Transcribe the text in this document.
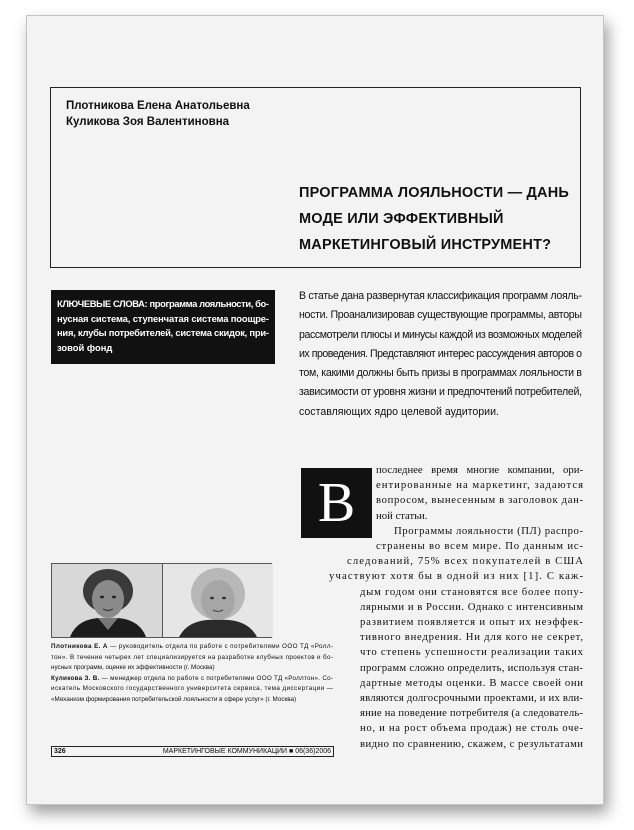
Плотникова Елена Анатольевна
Куликова Зоя Валентиновна
ПРОГРАММА ЛОЯЛЬНОСТИ — ДАНЬ
МОДЕ ИЛИ ЭФФЕКТИВНЫЙ
МАРКЕТИНГОВЫЙ ИНСТРУМЕНТ?
КЛЮЧЕВЫЕ СЛОВА: программа лояльности, бо-
нусная система, ступенчатая система поощре-
ния, клубы потребителей, система скидок, при-
зовой фонд
В статье дана развернутая классификация программ лояль-
ности. Проанализировав существующие программы, авторы
рассмотрели плюсы и минусы каждой из возможных моделей
их проведения. Представляют интерес рассуждения авторов о
том, какими должны быть призы в программах лояльности в
зависимости от уровня жизни и предпочтений потребителей,
составляющих ядро целевой аудитории.
В
последнее время многие компании, ори-
ентированные на маркетинг, задаются
вопросом, вынесенным в заголовок дан-
ной статьи.
Программы лояльности (ПЛ) распро-
странены во всем мире. По данным ис-
следований, 75% всех покупателей в США
участвуют хотя бы в одной из них [1]. С каж-
дым годом они становятся все более попу-
лярными и в России. Однако с интенсивным
развитием появляется и опыт их неэффек-
тивного внедрения. Ни для кого не секрет,
что степень успешности реализации таких
программ сложно определить, используя стан-
дартные методы оценки. В массе своей они
являются долгосрочными проектами, и их вли-
яние на поведение потребителя (а следователь-
но, и на рост объема продаж) не столь оче-
видно по сравнению, скажем, с результатами
Плотникова Е. А — руководитель отдела по работе с потребителями ООО ТД «Ролл-
тон». В течение четырех лет специализируется на разработке клубных проектов и бо-
нусных программ, оценке их эффективности (г. Москва)
Куликова З. В. — менеджер отдела по работе с потребителями ООО ТД «Роллтон». Со-
искатель Московского государственного университета сервиса, тема диссертации —
«Механизм формирования потребительской лояльности в сфере услуг» (г. Москва)
326	МАРКЕТИНГОВЫЕ КОММУНИКАЦИИ ■ 06(36)2006
